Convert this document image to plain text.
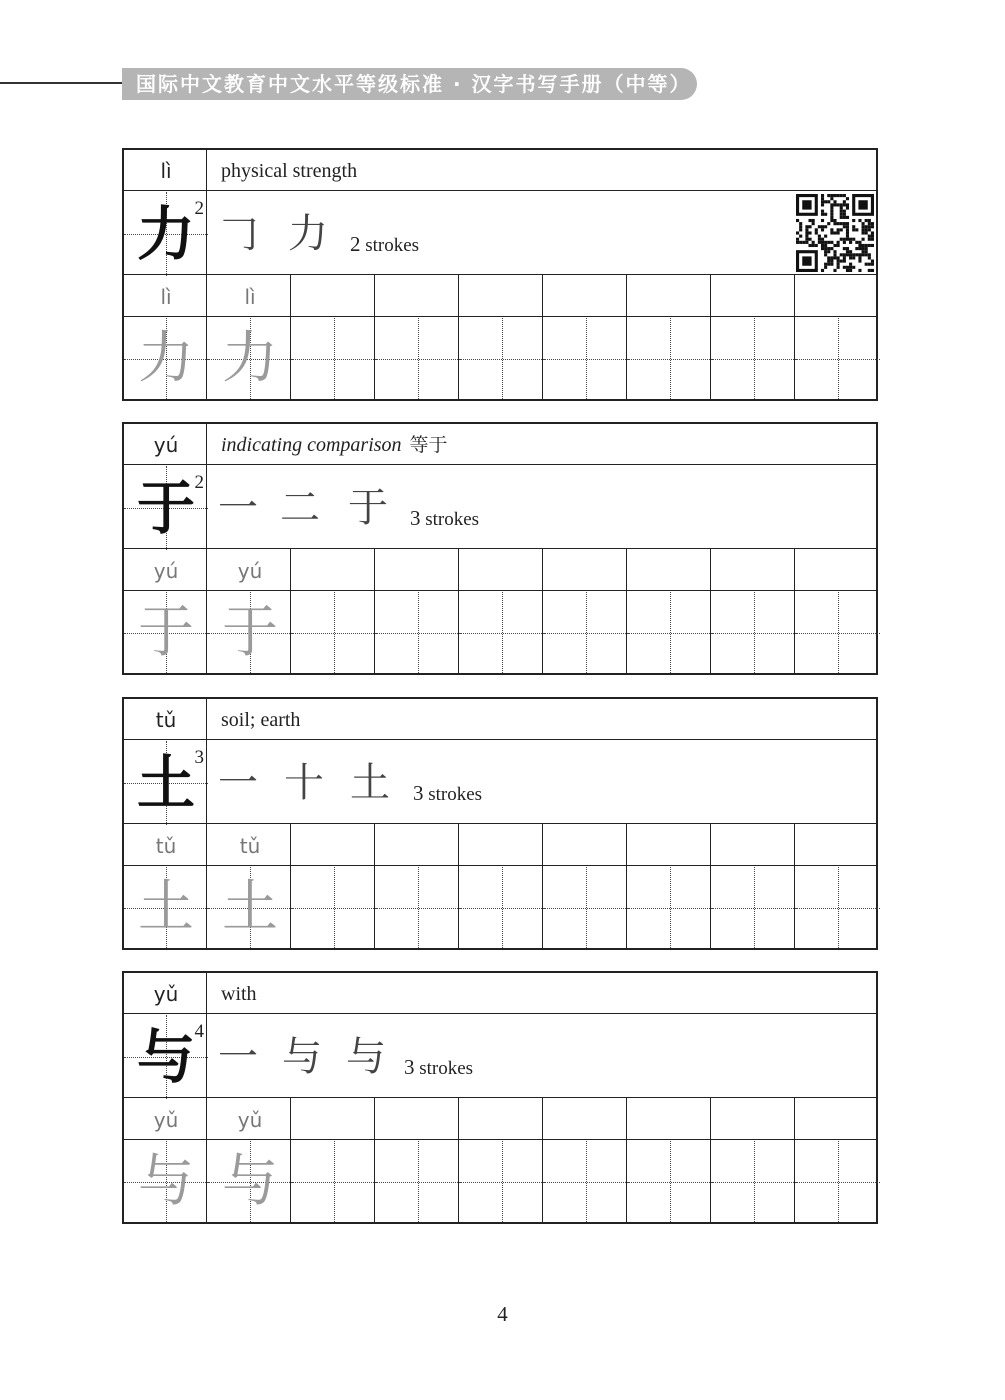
国际中文教育中文水平等级标准 · 汉字书写手册（中等）
lì	physical strength
力 2
𠃌 力 2 strokes
lì	lì
力 力
yú	indicating comparison 等于
于 2
一 二 于 3 strokes
yú	yú
于 于
tǔ	soil; earth
土 3
一 十 土 3 strokes
tǔ	tǔ
土 土
yǔ	with
与 4
一 与 与 3 strokes
yǔ	yǔ
与 与
4
